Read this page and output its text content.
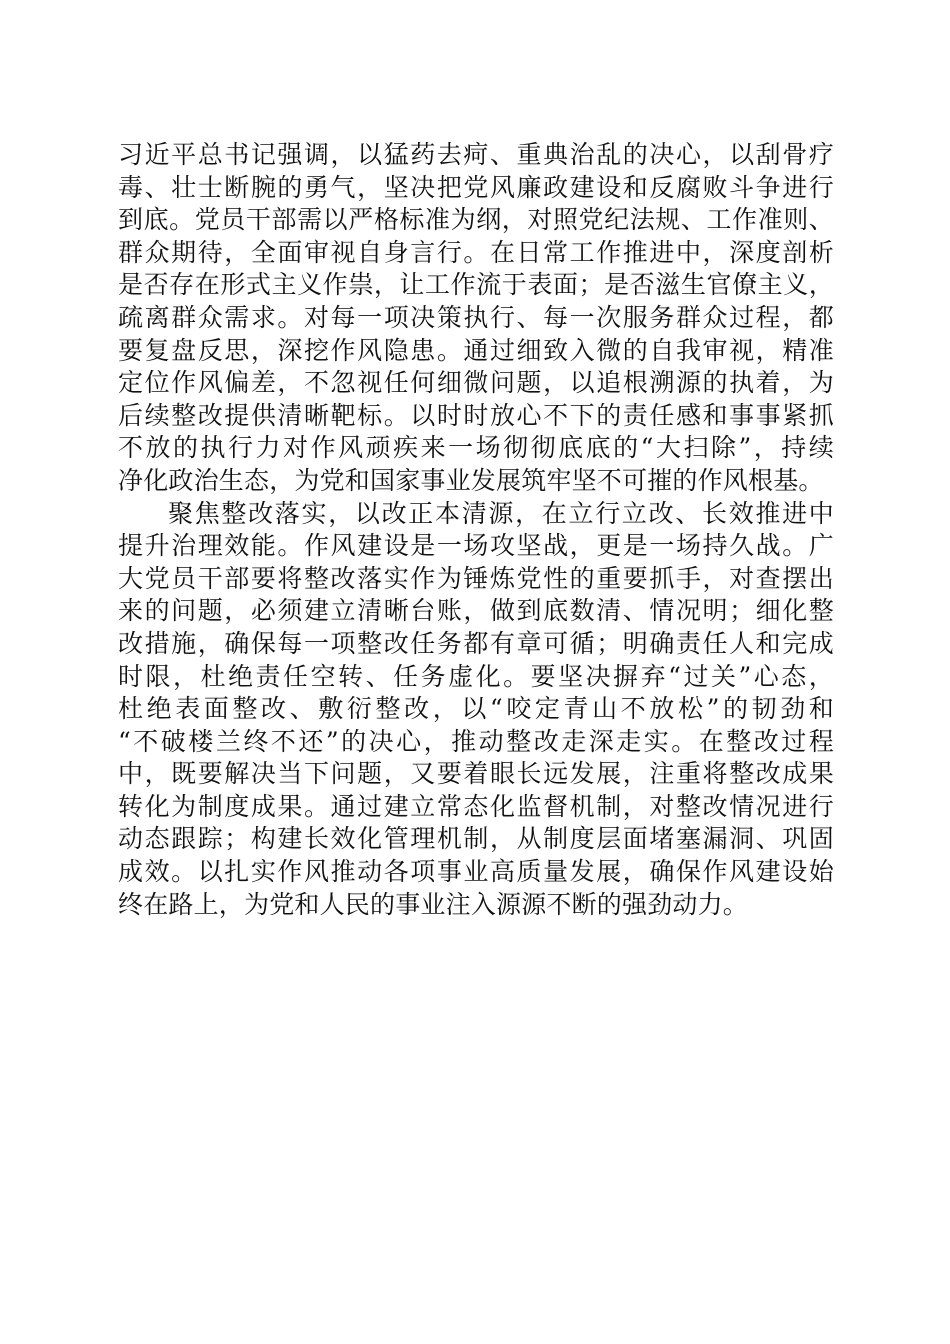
习近平总书记强调，以猛药去疴、重典治乱的决心，以刮骨疗
毒、壮士断腕的勇气，坚决把党风廉政建设和反腐败斗争进行
到底。党员干部需以严格标准为纲，对照党纪法规、工作准则、
群众期待，全面审视自身言行。在日常工作推进中，深度剖析
是否存在形式主义作祟，让工作流于表面；是否滋生官僚主义，
疏离群众需求。对每一项决策执行、每一次服务群众过程，都
要复盘反思，深挖作风隐患。通过细致入微的自我审视，精准
定位作风偏差，不忽视任何细微问题，以追根溯源的执着，为
后续整改提供清晰靶标。以时时放心不下的责任感和事事紧抓
不放的执行力对作风顽疾来一场彻彻底底的“大扫除”，持续
净化政治生态，为党和国家事业发展筑牢坚不可摧的作风根基。
聚焦整改落实，以改正本清源，在立行立改、长效推进中
提升治理效能。作风建设是一场攻坚战，更是一场持久战。广
大党员干部要将整改落实作为锤炼党性的重要抓手，对查摆出
来的问题，必须建立清晰台账，做到底数清、情况明；细化整
改措施，确保每一项整改任务都有章可循；明确责任人和完成
时限，杜绝责任空转、任务虚化。要坚决摒弃“过关”心态，
杜绝表面整改、敷衍整改，以“咬定青山不放松”的韧劲和
“不破楼兰终不还”的决心，推动整改走深走实。在整改过程
中，既要解决当下问题，又要着眼长远发展，注重将整改成果
转化为制度成果。通过建立常态化监督机制，对整改情况进行
动态跟踪；构建长效化管理机制，从制度层面堵塞漏洞、巩固
成效。以扎实作风推动各项事业高质量发展，确保作风建设始
终在路上，为党和人民的事业注入源源不断的强劲动力。
